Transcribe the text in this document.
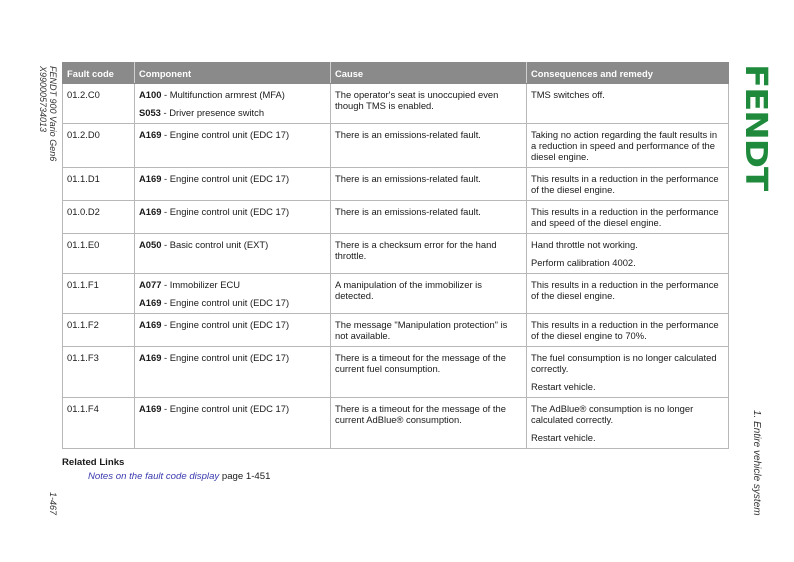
FENDT 900 Vario Gen6
X990005734013
1-467
FENDT
1. Entire vehicle system
Fault code	Component	Cause	Consequences and remedy
01.2.C0	A100 - Multifunction armrest (MFA)
S053 - Driver presence switch	The operator's seat is unoccupied even though TMS is enabled.	TMS switches off.

01.2.D0	A169 - Engine control unit (EDC 17)	There is an emissions-related fault.	Taking no action regarding the fault results in a reduction in speed and performance of the diesel engine.

01.1.D1	A169 - Engine control unit (EDC 17)	There is an emissions-related fault.	This results in a reduction in the performance of the diesel engine.

01.0.D2	A169 - Engine control unit (EDC 17)	There is an emissions-related fault.	This results in a reduction in the performance and speed of the diesel engine.

01.1.E0	A050 - Basic control unit (EXT)	There is a checksum error for the hand throttle.	Hand throttle not working.
Perform calibration 4002.

01.1.F1	A077 - Immobilizer ECU
A169 - Engine control unit (EDC 17)	A manipulation of the immobilizer is detected.	This results in a reduction in the performance of the diesel engine.

01.1.F2	A169 - Engine control unit (EDC 17)	The message "Manipulation protection" is not available.	This results in a reduction in the performance of the diesel engine to 70%.

01.1.F3	A169 - Engine control unit (EDC 17)	There is a timeout for the message of the current fuel consumption.	The fuel consumption is no longer calculated correctly.
Restart vehicle.

01.1.F4	A169 - Engine control unit (EDC 17)	There is a timeout for the message of the current AdBlue® consumption.	The AdBlue® consumption is no longer calculated correctly.
Restart vehicle.
Related Links
Notes on the fault code display page 1-451
